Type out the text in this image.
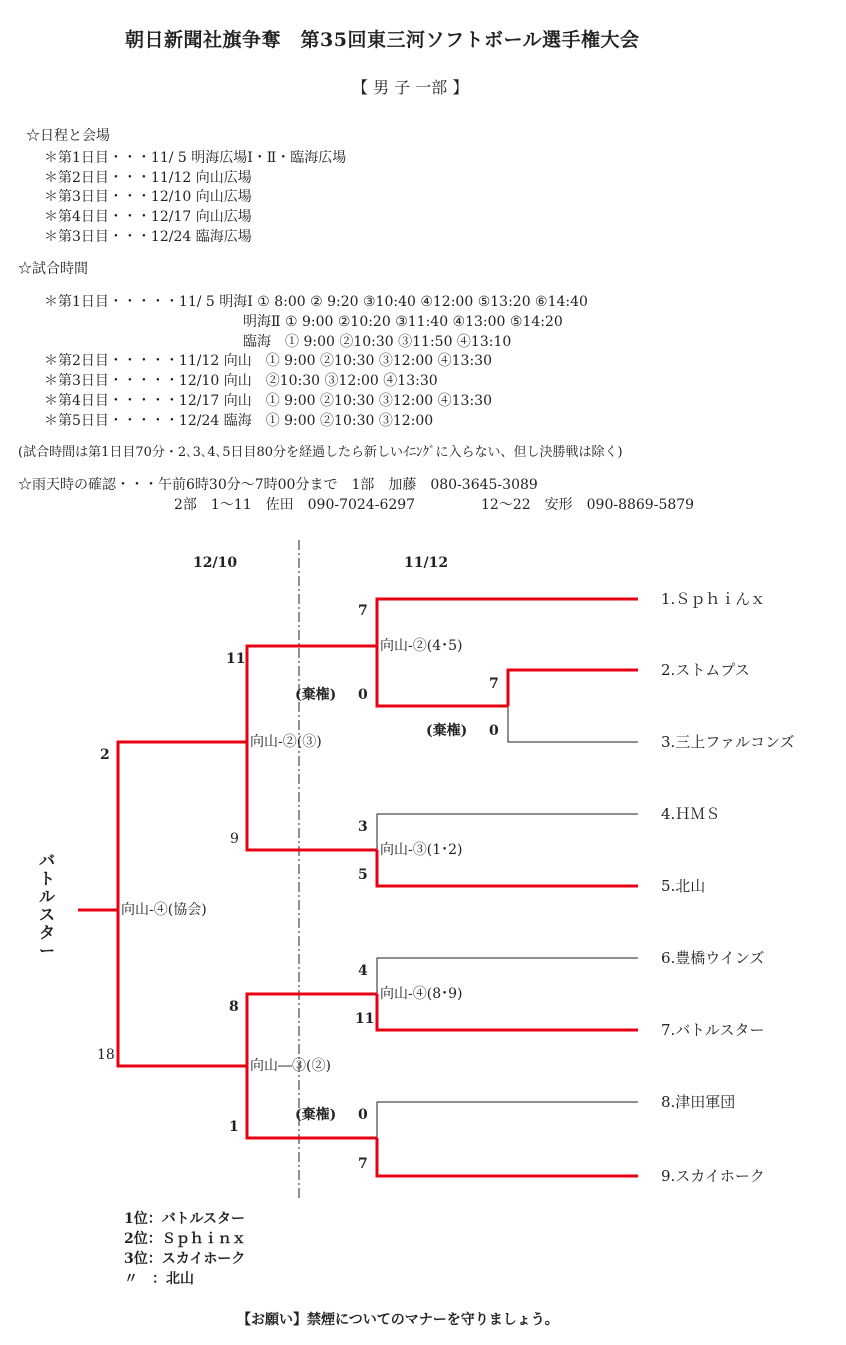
朝日新聞社旗争奪　第35回東三河ソフトボール選手権大会
【 男 子 一部 】
☆日程と会場
＊第1日目・・・11/ 5 明海広場Ⅰ・Ⅱ・臨海広場
＊第2日目・・・11/12 向山広場
＊第3日目・・・12/10 向山広場
＊第4日目・・・12/17 向山広場
＊第3日目・・・12/24 臨海広場
☆試合時間
＊第1日目・・・・・11/ 5 明海Ⅰ ① 8:00 ② 9:20 ③10:40 ④12:00 ⑤13:20 ⑥14:40
明海Ⅱ ① 9:00 ②10:20 ③11:40 ④13:00 ⑤14:20
臨海　① 9:00 ②10:30 ③11:50 ④13:10
＊第2日目・・・・・11/12 向山　① 9:00 ②10:30 ③12:00 ④13:30
＊第3日目・・・・・12/10 向山　②10:30 ③12:00 ④13:30
＊第4日目・・・・・12/17 向山　① 9:00 ②10:30 ③12:00 ④13:30
＊第5日目・・・・・12/24 臨海　① 9:00 ②10:30 ③12:00
(試合時間は第1日目70分・2､3､4､5日目80分を経過したら新しいｲﾆﾝｸﾞに入らない、但し決勝戦は除く)
☆雨天時の確認・・・午前6時30分～7時00分まで　1部　加藤　080-3645-3089
2部　1～11　佐田　090-7024-6297	12～22　安形　090-8869-5879
12/10	11/12
1.Ｓｐｈｉんｘ
2.ストムプス
3.三上ファルコンズ
4.ＨＭＳ
5.北山
6.豊橋ウインズ
7.バトルスター
8.津田軍団
9.スカイホーク
向山-②(4･5)
向山-③(1･2)
向山-④(8･9)
向山-②(③)
向山―③(②)
向山-④(協会)
7
0
7
0
3
5
4
11
0
7
11
9
8
1
2
18
(棄権)
(棄権)
(棄権)
バトルスター
1位：バトルスター
2位：Ｓｐｈｉｎｘ
3位：スカイホーク
〃　：北山
【お願い】禁煙についてのマナーを守りましょう。
